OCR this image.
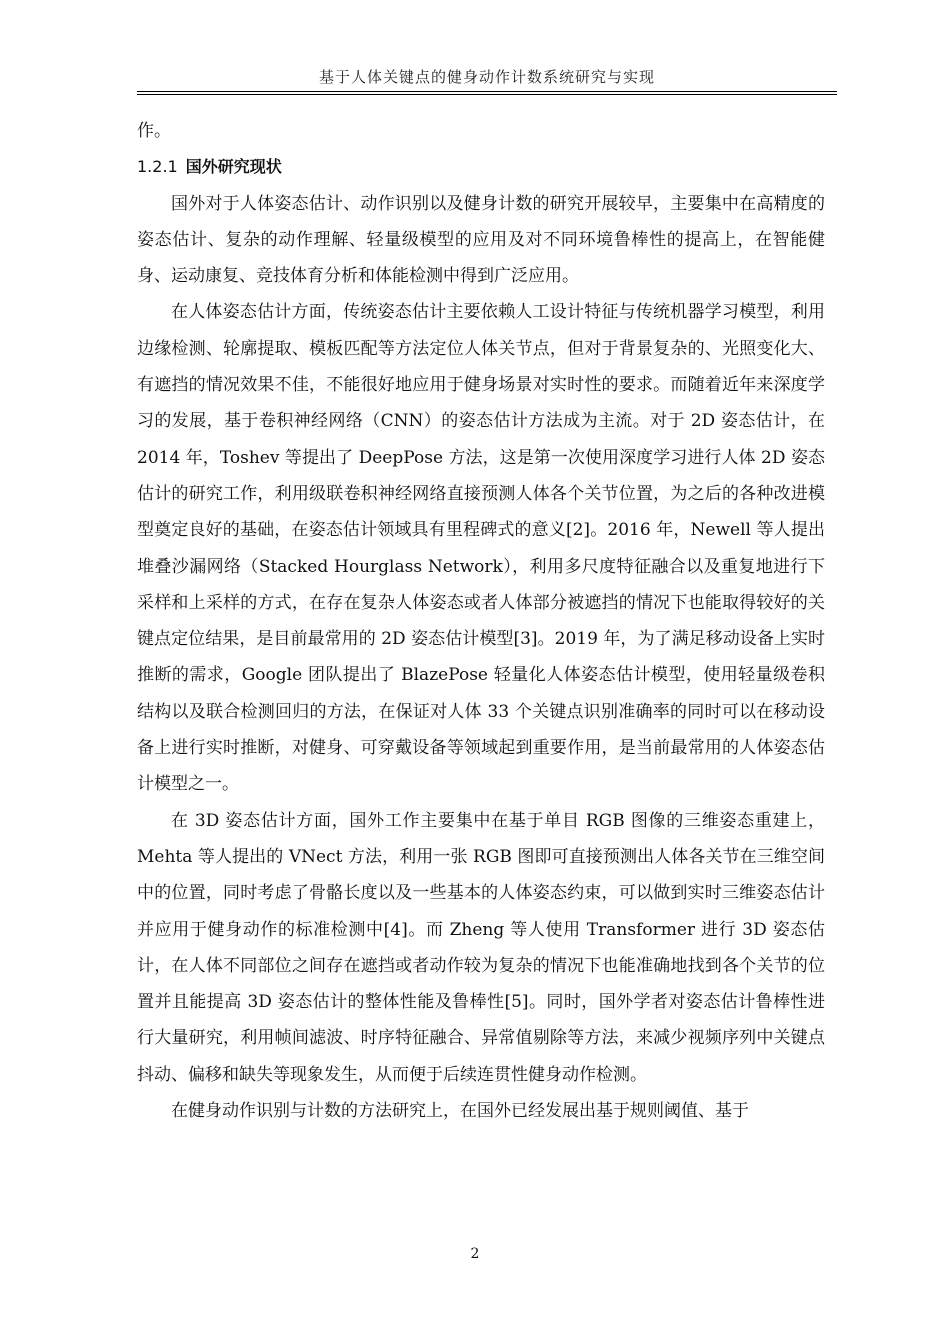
基于人体关键点的健身动作计数系统研究与实现

作。

1.2.1 国外研究现状

国外对于人体姿态估计、动作识别以及健身计数的研究开展较早，主要集中在高精度的姿态估计、复杂的动作理解、轻量级模型的应用及对不同环境鲁棒性的提高上，在智能健身、运动康复、竞技体育分析和体能检测中得到广泛应用。

在人体姿态估计方面，传统姿态估计主要依赖人工设计特征与传统机器学习模型，利用边缘检测、轮廓提取、模板匹配等方法定位人体关节点，但对于背景复杂的、光照变化大、有遮挡的情况效果不佳，不能很好地应用于健身场景对实时性的要求。而随着近年来深度学习的发展，基于卷积神经网络（CNN）的姿态估计方法成为主流。对于 2D 姿态估计，在 2014 年，Toshev 等提出了 DeepPose 方法，这是第一次使用深度学习进行人体 2D 姿态估计的研究工作，利用级联卷积神经网络直接预测人体各个关节位置，为之后的各种改进模型奠定良好的基础，在姿态估计领域具有里程碑式的意义[2]。2016 年，Newell 等人提出堆叠沙漏网络（Stacked Hourglass Network），利用多尺度特征融合以及重复地进行下采样和上采样的方式，在存在复杂人体姿态或者人体部分被遮挡的情况下也能取得较好的关键点定位结果，是目前最常用的 2D 姿态估计模型[3]。2019 年，为了满足移动设备上实时推断的需求，Google 团队提出了 BlazePose 轻量化人体姿态估计模型，使用轻量级卷积结构以及联合检测回归的方法，在保证对人体 33 个关键点识别准确率的同时可以在移动设备上进行实时推断，对健身、可穿戴设备等领域起到重要作用，是当前最常用的人体姿态估计模型之一。

在 3D 姿态估计方面，国外工作主要集中在基于单目 RGB 图像的三维姿态重建上，Mehta 等人提出的 VNect 方法，利用一张 RGB 图即可直接预测出人体各关节在三维空间中的位置，同时考虑了骨骼长度以及一些基本的人体姿态约束，可以做到实时三维姿态估计并应用于健身动作的标准检测中[4]。而 Zheng 等人使用 Transformer 进行 3D 姿态估计，在人体不同部位之间存在遮挡或者动作较为复杂的情况下也能准确地找到各个关节的位置并且能提高 3D 姿态估计的整体性能及鲁棒性[5]。同时，国外学者对姿态估计鲁棒性进行大量研究，利用帧间滤波、时序特征融合、异常值剔除等方法，来减少视频序列中关键点抖动、偏移和缺失等现象发生，从而便于后续连贯性健身动作检测。

在健身动作识别与计数的方法研究上，在国外已经发展出基于规则阈值、基于

2
